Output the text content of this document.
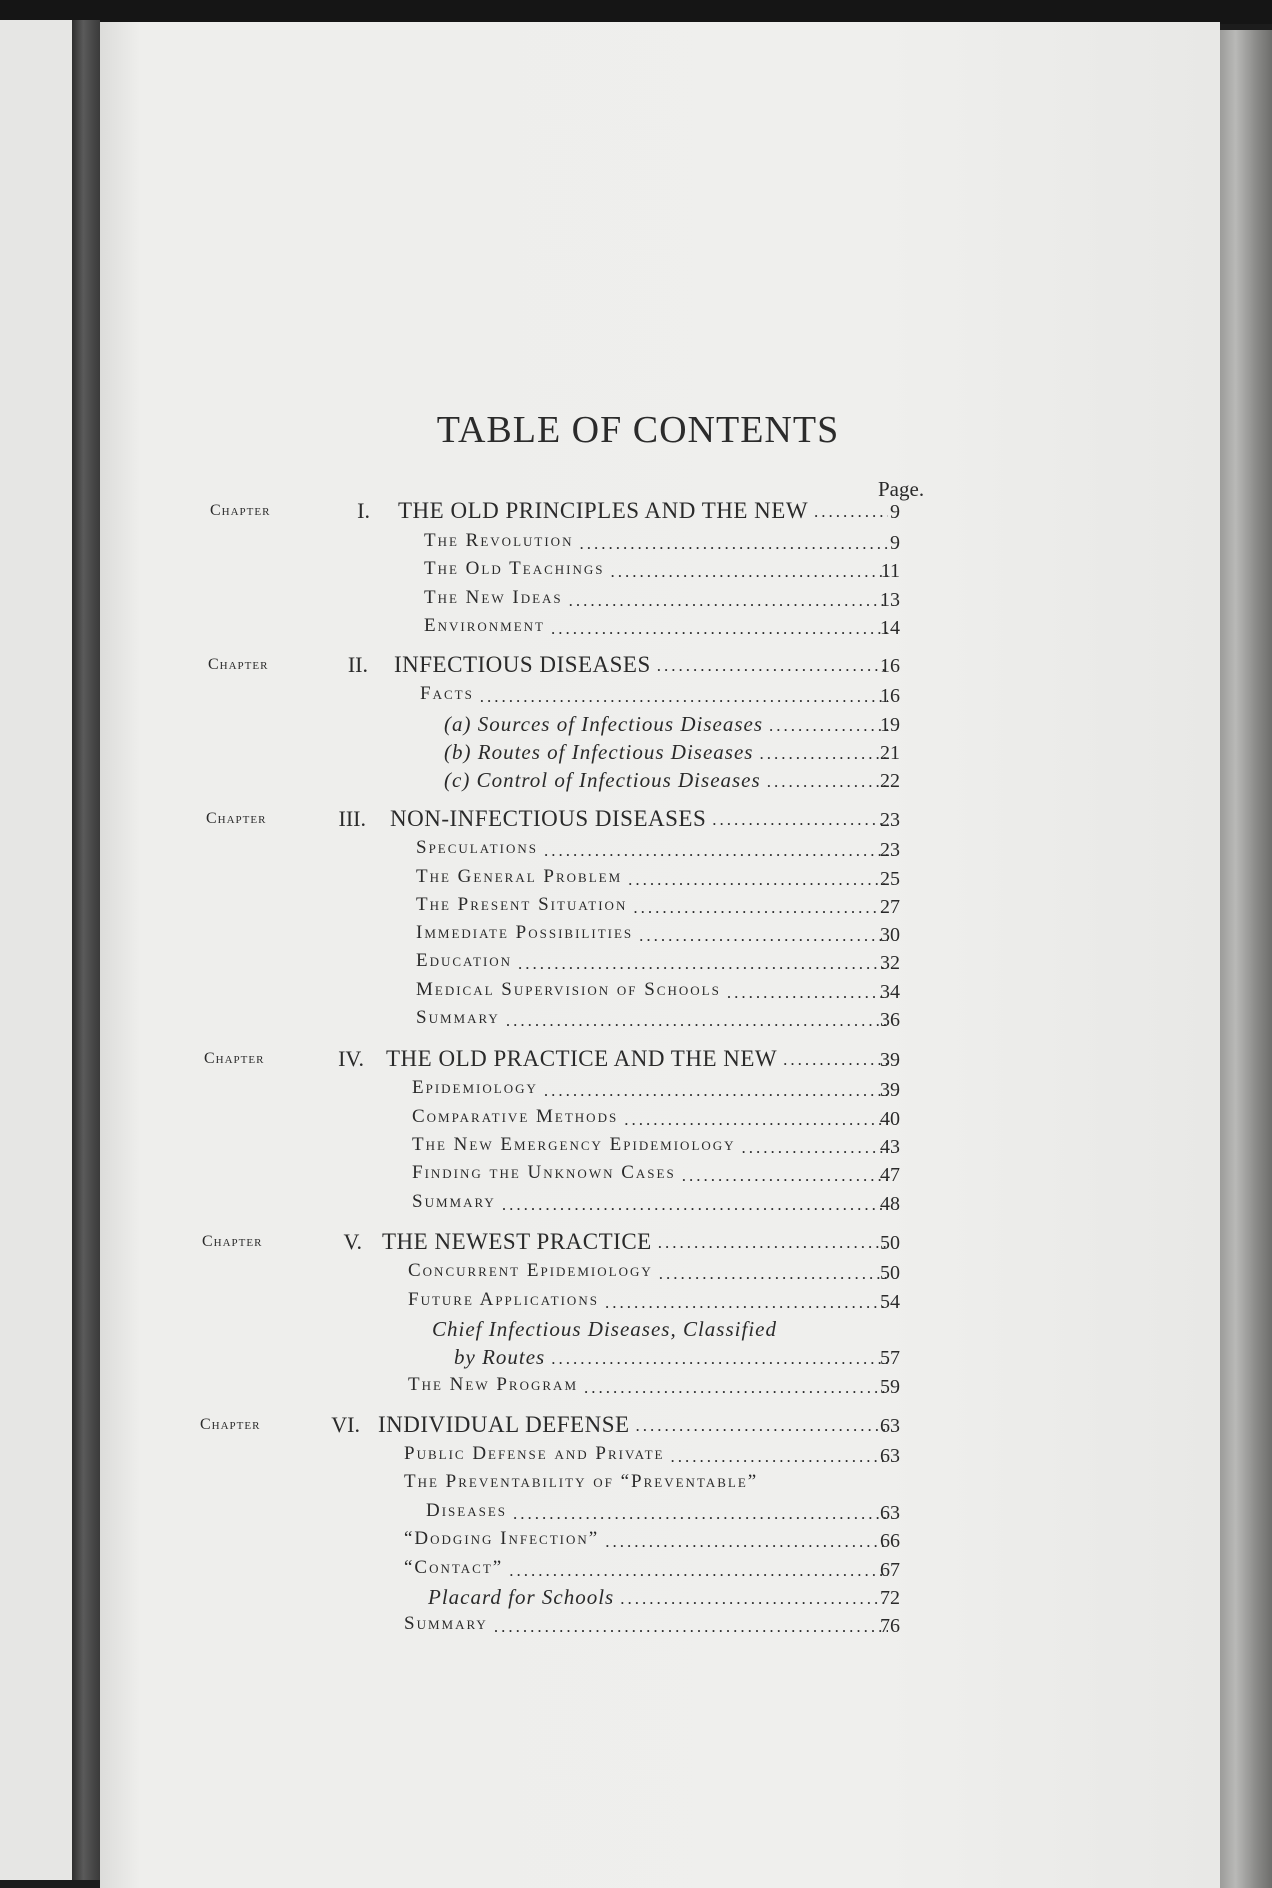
TABLE OF CONTENTS
Page.
Chapter	I. THE OLD PRINCIPLES AND THE NEW	9
The Revolution	9
The Old Teachings	11
The New Ideas	13
Environment	14
Chapter	II. INFECTIOUS DISEASES	16
Facts	16
(a) Sources of Infectious Diseases	19
(b) Routes of Infectious Diseases	21
(c) Control of Infectious Diseases	22
Chapter	III. NON-INFECTIOUS DISEASES	23
Speculations	23
The General Problem	25
The Present Situation	27
Immediate Possibilities	30
Education	32
Medical Supervision of Schools	34
Summary	36
Chapter	IV. THE OLD PRACTICE AND THE NEW	39
Epidemiology	39
Comparative Methods	40
The New Emergency Epidemiology	43
Finding the Unknown Cases	47
Summary	48
Chapter	V. THE NEWEST PRACTICE	50
Concurrent Epidemiology	50
Future Applications	54
Chief Infectious Diseases, Classified
by Routes	57
The New Program	59
Chapter	VI. INDIVIDUAL DEFENSE	63
Public Defense and Private	63
The Preventability of “Preventable”
Diseases	63
“Dodging Infection”	66
“Contact”	67
Placard for Schools	72
Summary	76
.....
.....
.....
.....
.....
.....
.....
.....
.....
.....
.....
.....
.....
.....
.....
.....
.....
.....
.....
.....
.....
.....
.....
.....
.....
.....
.....
.....
.....
.....
.....
.....
.....
.....
.....
.....
